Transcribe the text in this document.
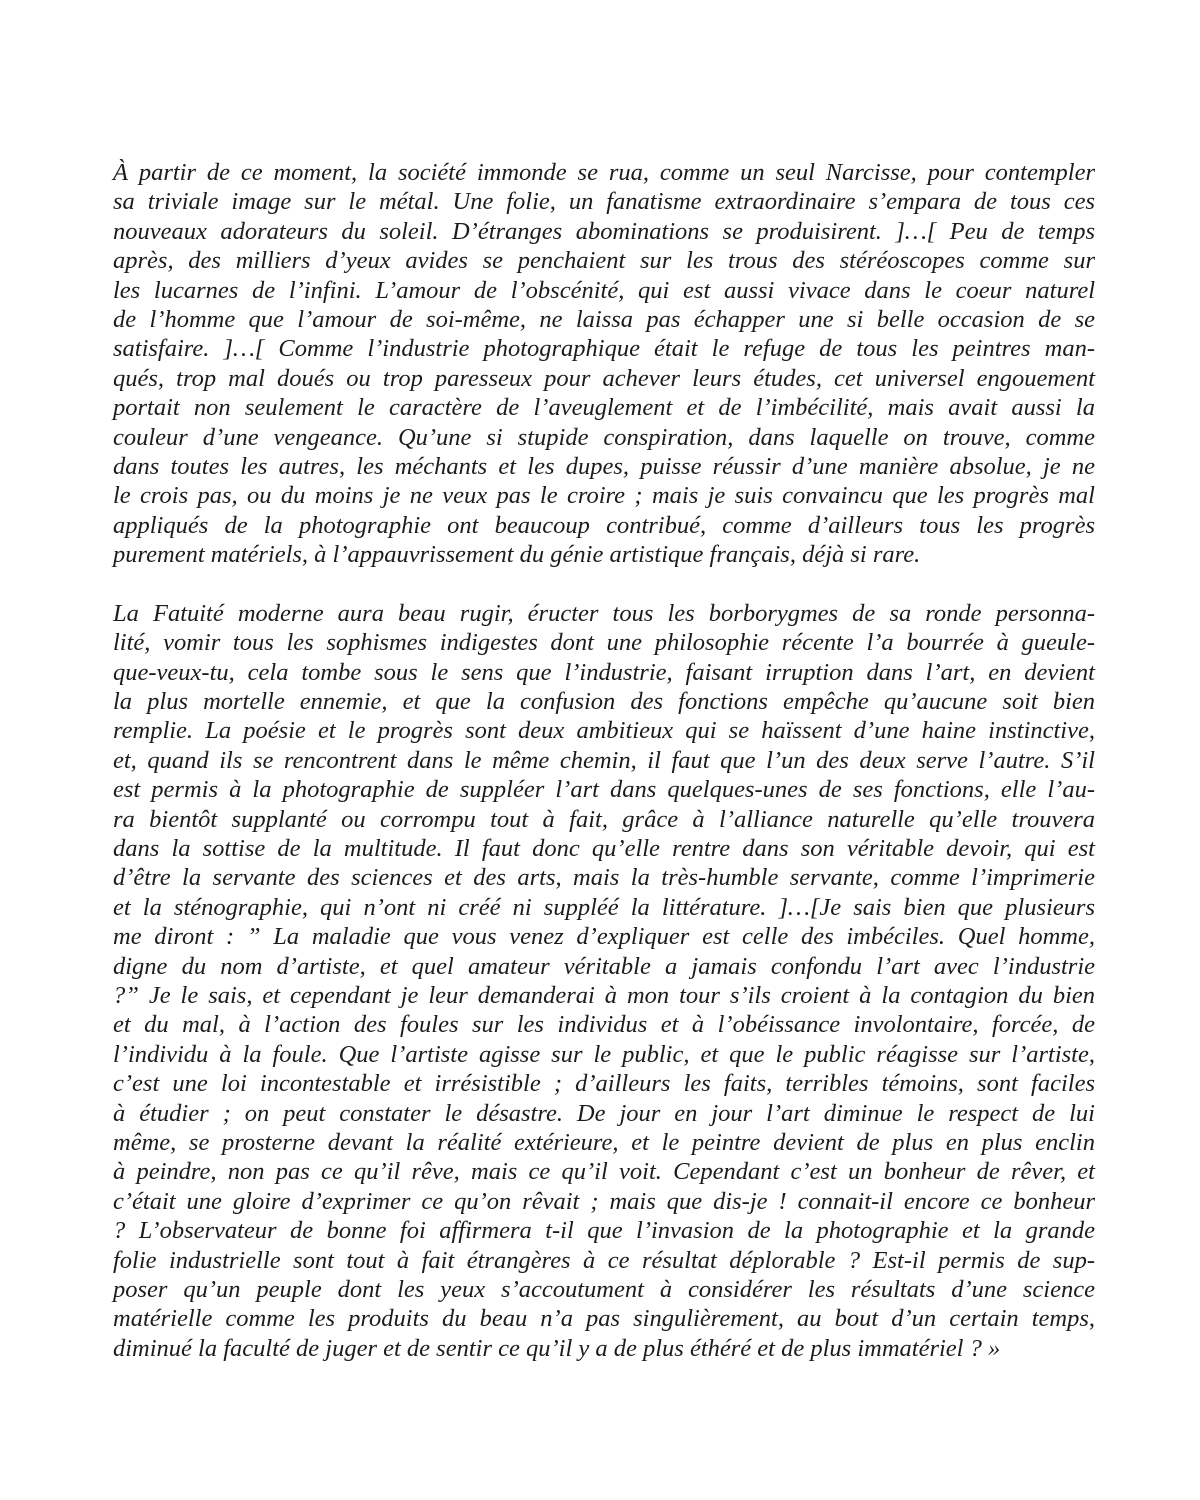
À partir de ce moment, la société immonde se rua, comme un seul Narcisse, pour contempler
sa triviale image sur le métal. Une folie, un fanatisme extraordinaire s’empara de tous ces
nouveaux adorateurs du soleil. D’étranges abominations se produisirent. ]…[ Peu de temps
après, des milliers d’yeux avides se penchaient sur les trous des stéréoscopes comme sur
les lucarnes de l’infini. L’amour de l’obscénité, qui est aussi vivace dans le coeur naturel
de l’homme que l’amour de soi-même, ne laissa pas échapper une si belle occasion de se
satisfaire. ]…[ Comme l’industrie photographique était le refuge de tous les peintres man-
qués, trop mal doués ou trop paresseux pour achever leurs études, cet universel engouement
portait non seulement le caractère de l’aveuglement et de l’imbécilité, mais avait aussi la
couleur d’une vengeance. Qu’une si stupide conspiration, dans laquelle on trouve, comme
dans toutes les autres, les méchants et les dupes, puisse réussir d’une manière absolue, je ne
le crois pas, ou du moins je ne veux pas le croire ; mais je suis convaincu que les progrès mal
appliqués de la photographie ont beaucoup contribué, comme d’ailleurs tous les progrès
purement matériels, à l’appauvrissement du génie artistique français, déjà si rare.
La Fatuité moderne aura beau rugir, éructer tous les borborygmes de sa ronde personna-
lité, vomir tous les sophismes indigestes dont une philosophie récente l’a bourrée à gueule-
que-veux-tu, cela tombe sous le sens que l’industrie, faisant irruption dans l’art, en devient
la plus mortelle ennemie, et que la confusion des fonctions empêche qu’aucune soit bien
remplie. La poésie et le progrès sont deux ambitieux qui se haïssent d’une haine instinctive,
et, quand ils se rencontrent dans le même chemin, il faut que l’un des deux serve l’autre. S’il
est permis à la photographie de suppléer l’art dans quelques-unes de ses fonctions, elle l’au-
ra bientôt supplanté ou corrompu tout à fait, grâce à l’alliance naturelle qu’elle trouvera
dans la sottise de la multitude. Il faut donc qu’elle rentre dans son véritable devoir, qui est
d’être la servante des sciences et des arts, mais la très-humble servante, comme l’imprimerie
et la sténographie, qui n’ont ni créé ni suppléé la littérature. ]…[Je sais bien que plusieurs
me diront : ” La maladie que vous venez d’expliquer est celle des imbéciles. Quel homme,
digne du nom d’artiste, et quel amateur véritable a jamais confondu l’art avec l’industrie
?” Je le sais, et cependant je leur demanderai à mon tour s’ils croient à la contagion du bien
et du mal, à l’action des foules sur les individus et à l’obéissance involontaire, forcée, de
l’individu à la foule. Que l’artiste agisse sur le public, et que le public réagisse sur l’artiste,
c’est une loi incontestable et irrésistible ; d’ailleurs les faits, terribles témoins, sont faciles
à étudier ; on peut constater le désastre. De jour en jour l’art diminue le respect de lui
même, se prosterne devant la réalité extérieure, et le peintre devient de plus en plus enclin
à peindre, non pas ce qu’il rêve, mais ce qu’il voit. Cependant c’est un bonheur de rêver, et
c’était une gloire d’exprimer ce qu’on rêvait ; mais que dis-je ! connait-il encore ce bonheur
? L’observateur de bonne foi affirmera t-il que l’invasion de la photographie et la grande
folie industrielle sont tout à fait étrangères à ce résultat déplorable ? Est-il permis de sup-
poser qu’un peuple dont les yeux s’accoutument à considérer les résultats d’une science
matérielle comme les produits du beau n’a pas singulièrement, au bout d’un certain temps,
diminué la faculté de juger et de sentir ce qu’il y a de plus éthéré et de plus immatériel ? »
